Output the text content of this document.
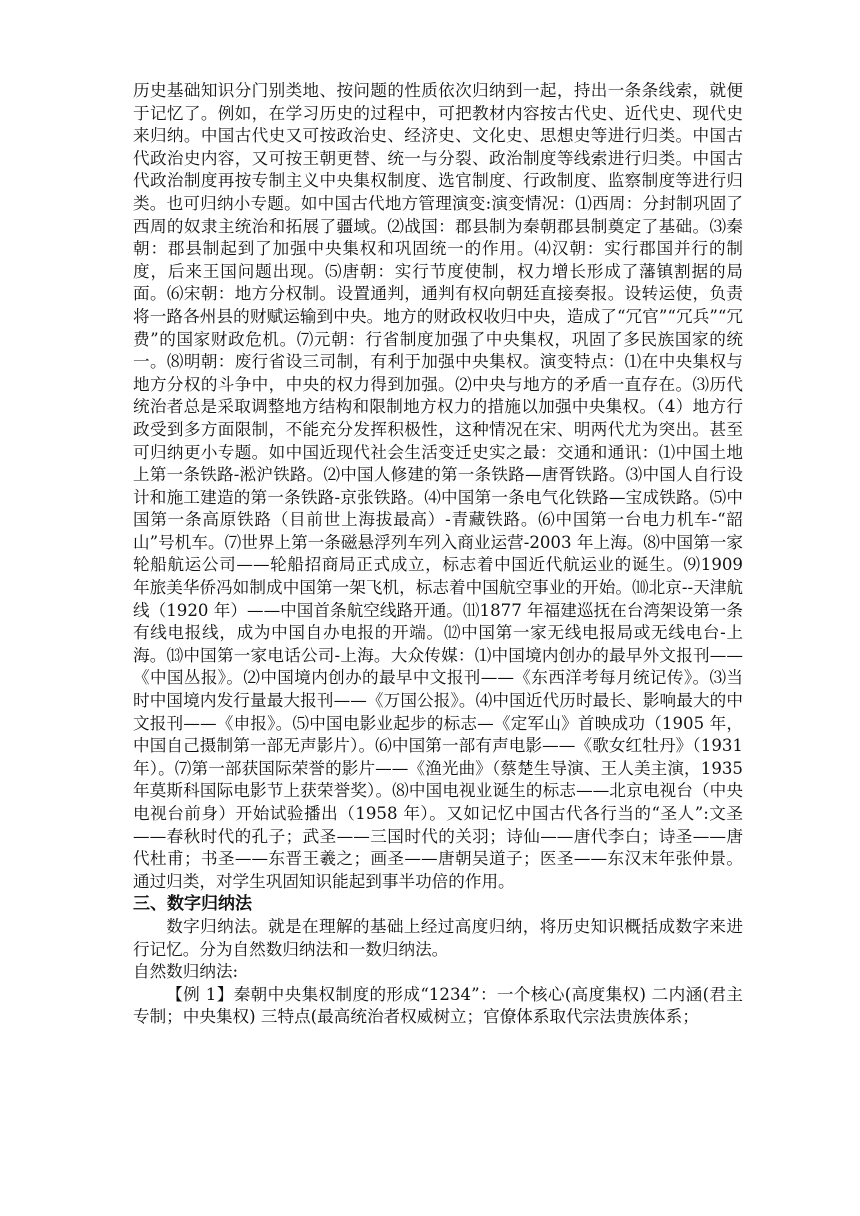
历史基础知识分门别类地、按问题的性质依次归纳到一起，持出一条条线索，就便于记忆了。例如，在学习历史的过程中，可把教材内容按古代史、近代史、现代史来归纳。中国古代史又可按政治史、经济史、文化史、思想史等进行归类。中国古代政治史内容，又可按王朝更替、统一与分裂、政治制度等线索进行归类。中国古代政治制度再按专制主义中央集权制度、选官制度、行政制度、监察制度等进行归类。也可归纳小专题。如中国古代地方管理演变:演变情况：⑴西周：分封制巩固了西周的奴隶主统治和拓展了疆域。⑵战国：郡县制为秦朝郡县制奠定了基础。⑶秦朝：郡县制起到了加强中央集权和巩固统一的作用。⑷汉朝：实行郡国并行的制度，后来王国问题出现。⑸唐朝：实行节度使制，权力增长形成了藩镇割据的局面。⑹宋朝：地方分权制。设置通判，通判有权向朝廷直接奏报。设转运使，负责将一路各州县的财赋运输到中央。地方的财政权收归中央，造成了“冗官”“冗兵”“冗费”的国家财政危机。⑺元朝：行省制度加强了中央集权，巩固了多民族国家的统一。⑻明朝：废行省设三司制，有利于加强中央集权。演变特点：⑴在中央集权与地方分权的斗争中，中央的权力得到加强。⑵中央与地方的矛盾一直存在。⑶历代统治者总是采取调整地方结构和限制地方权力的措施以加强中央集权。（4）地方行政受到多方面限制，不能充分发挥积极性，这种情况在宋、明两代尤为突出。甚至可归纳更小专题。如中国近现代社会生活变迁史实之最：交通和通讯：⑴中国土地上第一条铁路-淞沪铁路。⑵中国人修建的第一条铁路—唐胥铁路。⑶中国人自行设计和施工建造的第一条铁路-京张铁路。⑷中国第一条电气化铁路—宝成铁路。⑸中国第一条高原铁路（目前世上海拔最高）-青藏铁路。⑹中国第一台电力机车-“韶山”号机车。⑺世界上第一条磁悬浮列车列入商业运营-2003 年上海。⑻中国第一家轮船航运公司——轮船招商局正式成立，标志着中国近代航运业的诞生。⑼1909 年旅美华侨冯如制成中国第一架飞机，标志着中国航空事业的开始。⑽北京--天津航线（1920 年）——中国首条航空线路开通。⑾1877 年福建巡抚在台湾架设第一条有线电报线，成为中国自办电报的开端。⑿中国第一家无线电报局或无线电台-上海。⒀中国第一家电话公司-上海。大众传媒：⑴中国境内创办的最早外文报刊——《中国丛报》。⑵中国境内创办的最早中文报刊——《东西洋考每月统记传》。⑶当时中国境内发行量最大报刊——《万国公报》。⑷中国近代历时最长、影响最大的中文报刊——《申报》。⑸中国电影业起步的标志—《定军山》首映成功（1905 年，中国自己摄制第一部无声影片）。⑹中国第一部有声电影——《歌女红牡丹》（1931 年）。⑺第一部获国际荣誉的影片——《渔光曲》（蔡楚生导演、王人美主演，1935 年莫斯科国际电影节上获荣誉奖）。⑻中国电视业诞生的标志——北京电视台（中央电视台前身）开始试验播出（1958 年）。又如记忆中国古代各行当的“圣人”:文圣——春秋时代的孔子；武圣——三国时代的关羽；诗仙——唐代李白；诗圣——唐代杜甫；书圣——东晋王羲之；画圣——唐朝吴道子；医圣——东汉末年张仲景。通过归类，对学生巩固知识能起到事半功倍的作用。

三、数字归纳法

数字归纳法。就是在理解的基础上经过高度归纳，将历史知识概括成数字来进行记忆。分为自然数归纳法和一数归纳法。

自然数归纳法:

【例 1】秦朝中央集权制度的形成“1234”：一个核心(高度集权) 二内涵(君主专制；中央集权) 三特点(最高统治者权威树立；官僚体系取代宗法贵族体系；
